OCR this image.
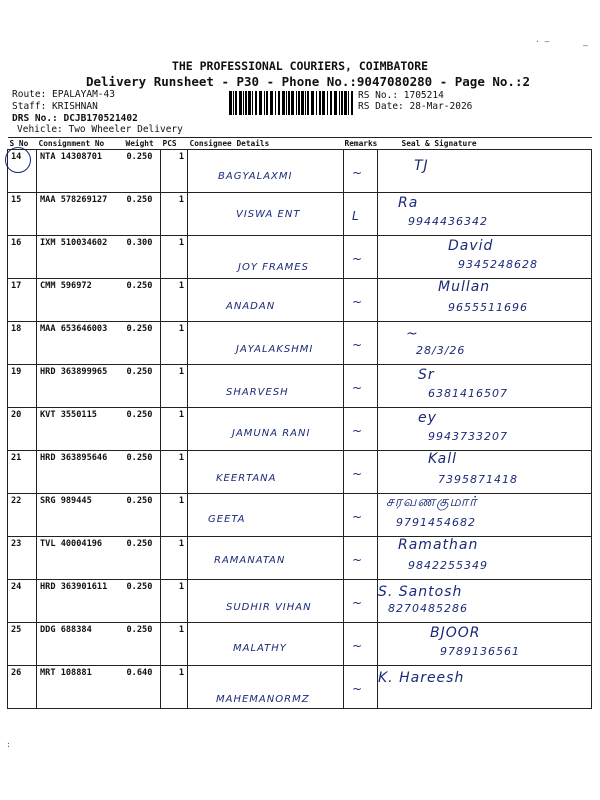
· —	—
THE PROFESSIONAL COURIERS, COIMBATORE
Delivery Runsheet - P30 - Phone No.:9047080280 - Page No.:2
Route: EPALAYAM-43
Staff: KRISHNAN
DRS No.: DCJB170521402
Vehicle: Two Wheeler Delivery
RS No.: 1705214
RS Date: 28-Mar-2026
S No	Consignment No	Weight	PCS	Consignee Details	Remarks	Seal & Signature
14	NTA 14308701	0.250	1	BAGYALAXMI	~	TJ

15	MAA 578269127	0.250	1	VISWA ENT	L	Ra
9944436342

16	IXM 510034602	0.300	1	JOY FRAMES	~	David
9345248628

17	CMM 596972	0.250	1	ANADAN	~	Mullan
9655511696

18	MAA 653646003	0.250	1	JAYALAKSHMI	~	~
28/3/26

19	HRD 363899965	0.250	1	SHARVESH	~	Sr
6381416507

20	KVT 3550115	0.250	1	JAMUNA RANI	~	ey
9943733207

21	HRD 363895646	0.250	1	KEERTANA	~	Kall
7395871418

22	SRG 989445	0.250	1	GEETA	~	சரவணகுமார்
9791454682

23	TVL 40004196	0.250	1	RAMANATAN	~	Ramathan
9842255349

24	HRD 363901611	0.250	1	SUDHIR VIHAN	~	S. Santosh
8270485286

25	DDG 688384	0.250	1	MALATHY	~	BJOOR
9789136561

26	MRT 108881	0.640	1	MAHEMANORMZ	~	K. Hareesh
:
